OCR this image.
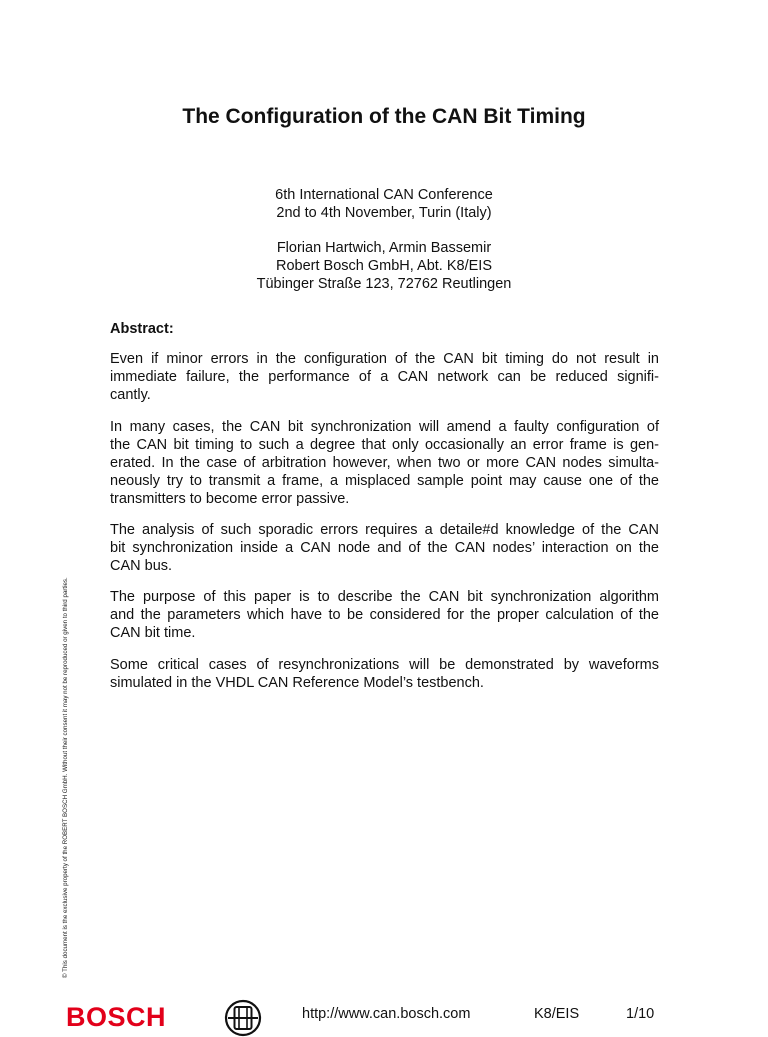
The Configuration of the CAN Bit Timing
6th International CAN Conference
2nd to 4th November, Turin (Italy)
Florian Hartwich, Armin Bassemir
Robert Bosch GmbH, Abt. K8/EIS
Tübinger Straße 123, 72762 Reutlingen
Abstract:
Even if minor errors in the configuration of the CAN bit timing do not result in
immediate failure, the performance of a CAN network can be reduced signifi-
cantly.
In many cases, the CAN bit synchronization will amend a faulty configuration of
the CAN bit timing to such a degree that only occasionally an error frame is gen-
erated. In the case of arbitration however, when two or more CAN nodes simulta-
neously try to transmit a frame, a misplaced sample point may cause one of the
transmitters to become error passive.
The analysis of such sporadic errors requires a detaile#d knowledge of the CAN
bit synchronization inside a CAN node and of the CAN nodes’ interaction on the
CAN bus.
The purpose of this paper is to describe the CAN bit synchronization algorithm
and the parameters which have to be considered for the proper calculation of the
CAN bit time.
Some critical cases of resynchronizations will be demonstrated by waveforms
simulated in the VHDL CAN Reference Model’s testbench.
© This document is the exclusive property of the ROBERT BOSCH GmbH. Without their consent it may not be reproduced or given to third parties.
BOSCH	http://www.can.bosch.com	K8/EIS	1/10
